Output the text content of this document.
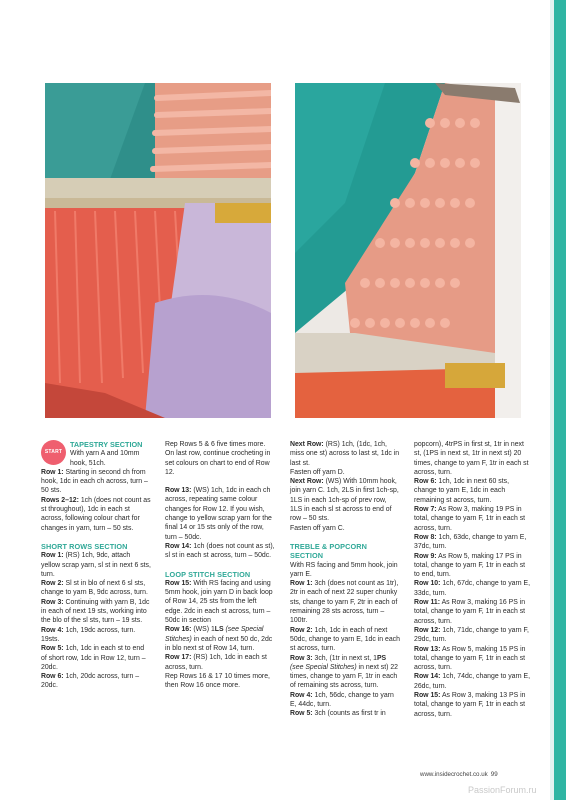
START

TAPESTRY SECTION

With yarn A and 10mm hook, 51ch.

Row 1: Starting in second ch from hook, 1dc in each ch across, turn – 50 sts.

Rows 2–12: 1ch (does not count as st throughout), 1dc in each st across, following colour chart for changes in yarn, turn – 50 sts.

SHORT ROWS SECTION

Row 1: (RS) 1ch, 9dc, attach yellow scrap yarn, sl st in next 6 sts, turn.

Row 2: Sl st in blo of next 6 sl sts, change to yarn B, 9dc across, turn.

Row 3: Continuing with yarn B, 1dc in each of next 19 sts, working into the blo of the sl sts, turn – 19 sts.

Row 4: 1ch, 19dc across, turn. 19sts.

Row 5: 1ch, 1dc in each st to end of short row, 1dc in Row 12, turn – 20dc.

Row 6: 1ch, 20dc across, turn – 20dc.

Rep Rows 5 & 6 five times more. On last row, continue crocheting in set colours on chart to end of Row 12.

Row 13: (WS) 1ch, 1dc in each ch across, repeating same colour changes for Row 12. If you wish, change to yellow scrap yarn for the final 14 or 15 sts only of the row, turn – 50dc.

Row 14: 1ch (does not count as st), sl st in each st across, turn – 50dc.

LOOP STITCH SECTION

Row 15: With RS facing and using 5mm hook, join yarn D in back loop of Row 14, 25 sts from the left edge. 2dc in each st across, turn – 50dc in section

Row 16: (WS) 1LS (see Special Stitches) in each of next 50 dc, 2dc in blo next st of Row 14, turn.

Row 17: (RS) 1ch, 1dc in each st across, turn.

Rep Rows 16 & 17 10 times more, then Row 16 once more.

Next Row: (RS) 1ch, (1dc, 1ch, miss one st) across to last st, 1dc in last st.

Fasten off yarn D.

Next Row: (WS) With 10mm hook, join yarn C. 1ch, 2LS in first 1ch-sp, 1LS in each 1ch-sp of prev row, 1LS in each sl st across to end of row – 50 sts.

Fasten off yarn C.

TREBLE & POPCORN SECTION

With RS facing and 5mm hook, join yarn E.

Row 1: 3ch (does not count as 1tr), 2tr in each of next 22 super chunky sts, change to yarn F, 2tr in each of remaining 28 sts across, turn – 100tr.

Row 2: 1ch, 1dc in each of next 50dc, change to yarn E, 1dc in each st across, turn.

Row 3: 3ch, (1tr in next st, 1PS (see Special Stitches) in next st) 22 times, change to yarn F, 1tr in each of remaining sts across, turn.

Row 4: 1ch, 56dc, change to yarn E, 44dc, turn.

Row 5: 3ch (counts as first tr in

popcorn), 4trPS in first st, 1tr in next st, (1PS in next st, 1tr in next st) 20 times, change to yarn F, 1tr in each st across, turn.

Row 6: 1ch, 1dc in next 60 sts, change to yarn E, 1dc in each remaining st across, turn.

Row 7: As Row 3, making 19 PS in total, change to yarn F, 1tr in each st across, turn.

Row 8: 1ch, 63dc, change to yarn E, 37dc, turn.

Row 9: As Row 5, making 17 PS in total, change to yarn F, 1tr in each st to end, turn.

Row 10: 1ch, 67dc, change to yarn E, 33dc, turn.

Row 11: As Row 3, making 16 PS in total, change to yarn F, 1tr in each st across, turn.

Row 12: 1ch, 71dc, change to yarn F, 29dc, turn.

Row 13: As Row 5, making 15 PS in total, change to yarn F, 1tr in each st across, turn.

Row 14: 1ch, 74dc, change to yarn E, 26dc, turn.

Row 15: As Row 3, making 13 PS in total, change to yarn F, 1tr in each st across, turn.

www.insidecrochet.co.uk 99
PassionForum.ru
